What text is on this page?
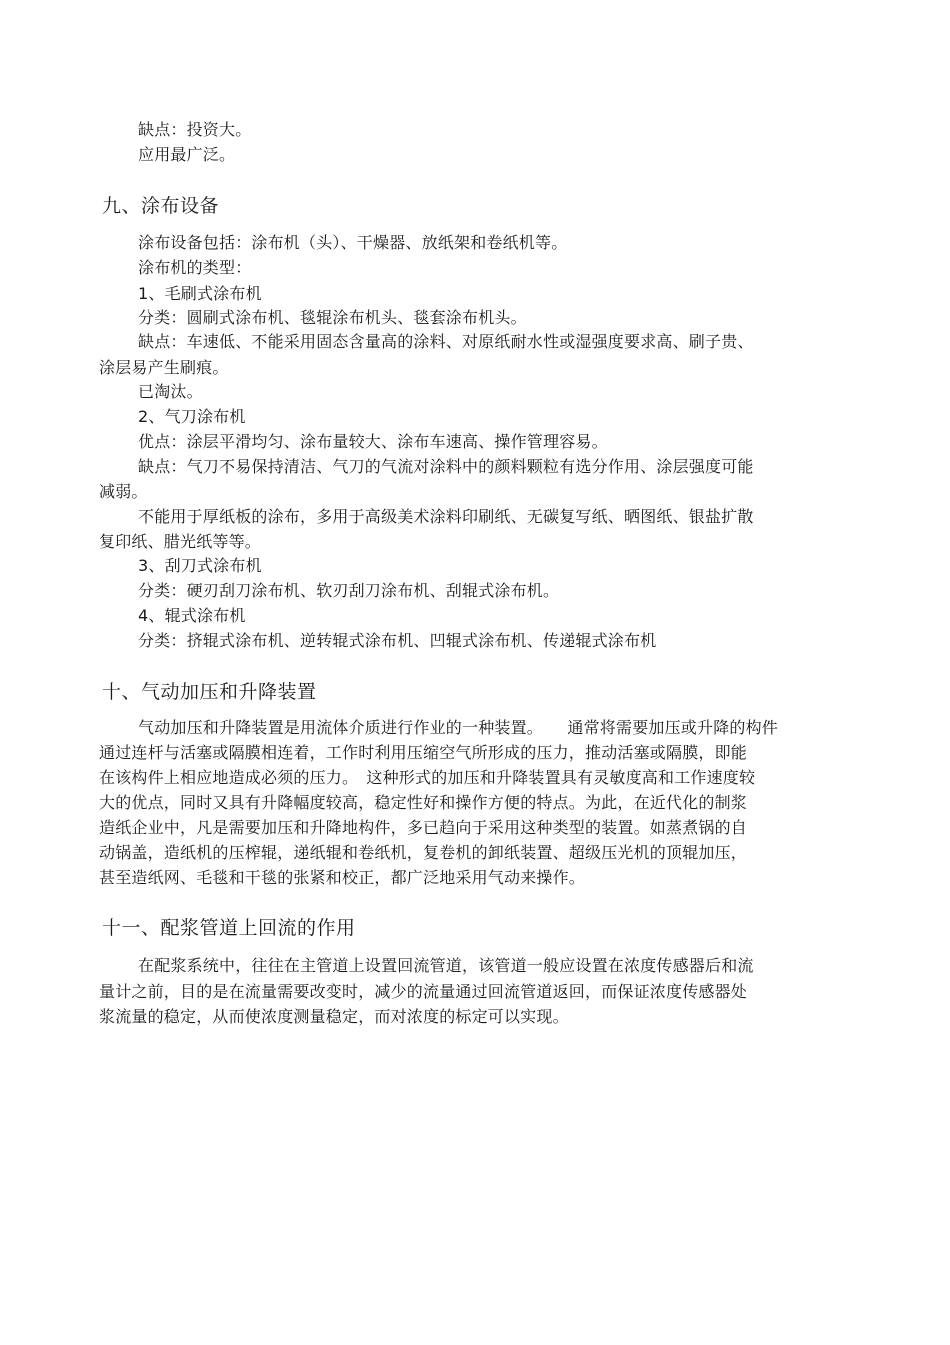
缺点：投资大。
应用最广泛。
九、涂布设备
涂布设备包括：涂布机（头）、干燥器、放纸架和卷纸机等。
涂布机的类型：
1、毛刷式涂布机
分类：圆刷式涂布机、毯辊涂布机头、毯套涂布机头。
缺点：车速低、不能采用固态含量高的涂料、对原纸耐水性或湿强度要求高、刷子贵、
涂层易产生刷痕。
已淘汰。
2、气刀涂布机
优点：涂层平滑均匀、涂布量较大、涂布车速高、操作管理容易。
缺点：气刀不易保持清洁、气刀的气流对涂料中的颜料颗粒有选分作用、涂层强度可能
减弱。
不能用于厚纸板的涂布，多用于高级美术涂料印刷纸、无碳复写纸、晒图纸、银盐扩散
复印纸、腊光纸等等。
3、刮刀式涂布机
分类：硬刃刮刀涂布机、软刃刮刀涂布机、刮辊式涂布机。
4、辊式涂布机
分类：挤辊式涂布机、逆转辊式涂布机、凹辊式涂布机、传递辊式涂布机
十、气动加压和升降装置
气动加压和升降装置是用流体介质进行作业的一种装置。　　通常将需要加压或升降的构件
通过连杆与活塞或隔膜相连着，工作时利用压缩空气所形成的压力，推动活塞或隔膜，即能
在该构件上相应地造成必须的压力。　这种形式的加压和升降装置具有灵敏度高和工作速度较
大的优点，同时又具有升降幅度较高，稳定性好和操作方便的特点。为此，在近代化的制浆
造纸企业中，凡是需要加压和升降地构件，多已趋向于采用这种类型的装置。如蒸煮锅的自
动锅盖，造纸机的压榨辊，递纸辊和卷纸机，复卷机的卸纸装置、超级压光机的顶辊加压，
甚至造纸网、毛毯和干毯的张紧和校正，都广泛地采用气动来操作。
十一、配浆管道上回流的作用
在配浆系统中，往往在主管道上设置回流管道，该管道一般应设置在浓度传感器后和流
量计之前，目的是在流量需要改变时，减少的流量通过回流管道返回，而保证浓度传感器处
浆流量的稳定，从而使浓度测量稳定，而对浓度的标定可以实现。
